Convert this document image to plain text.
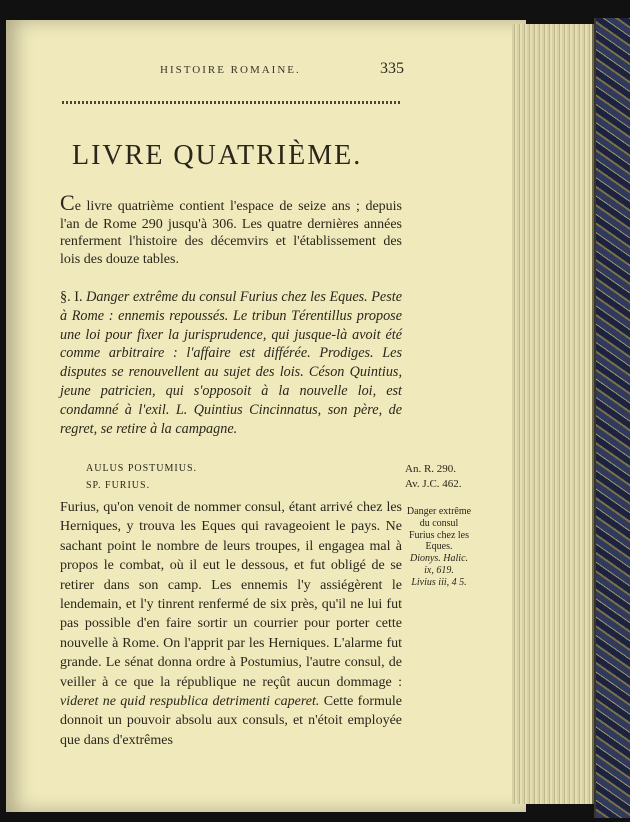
HISTOIRE ROMAINE.	335
LIVRE QUATRIÈME.
Ce livre quatrième contient l'espace de seize ans ; depuis l'an de Rome 290 jusqu'à 306. Les quatre dernières années renferment l'histoire des décemvirs et l'établissement des lois des douze tables.
§. I. Danger extrême du consul Furius chez les Eques. Peste à Rome : ennemis repoussés. Le tribun Térentillus propose une loi pour fixer la jurisprudence, qui jusque-là avoit été comme arbitraire : l'affaire est différée. Prodiges. Les disputes se renouvellent au sujet des lois. Céson Quintius, jeune patricien, qui s'opposoit à la nouvelle loi, est condamné à l'exil. L. Quintius Cincinnatus, son père, de regret, se retire à la campagne.
AULUS POSTUMIUS.
SP. FURIUS.
An. R. 290.
Av. J.C. 462.
Furius, qu'on venoit de nommer consul, étant arrivé chez les Herniques, y trouva les Eques qui ravageoient le pays. Ne sachant point le nombre de leurs troupes, il engagea mal à propos le combat, où il eut le dessous, et fut obligé de se retirer dans son camp. Les ennemis l'y assiégèrent le lendemain, et l'y tinrent renfermé de six près, qu'il ne lui fut pas possible d'en faire sortir un courrier pour porter cette nouvelle à Rome. On l'apprit par les Herniques. L'alarme fut grande. Le sénat donna ordre à Postumius, l'autre consul, de veiller à ce que la république ne reçût aucun dommage : videret ne quid respublica detrimenti caperet. Cette formule donnoit un pouvoir absolu aux consuls, et n'étoit employée que dans d'extrêmes
Danger extrême du consul Furius chez les Eques.
Dionys. Halic. ix, 619.
Livius iii, 4 5.
